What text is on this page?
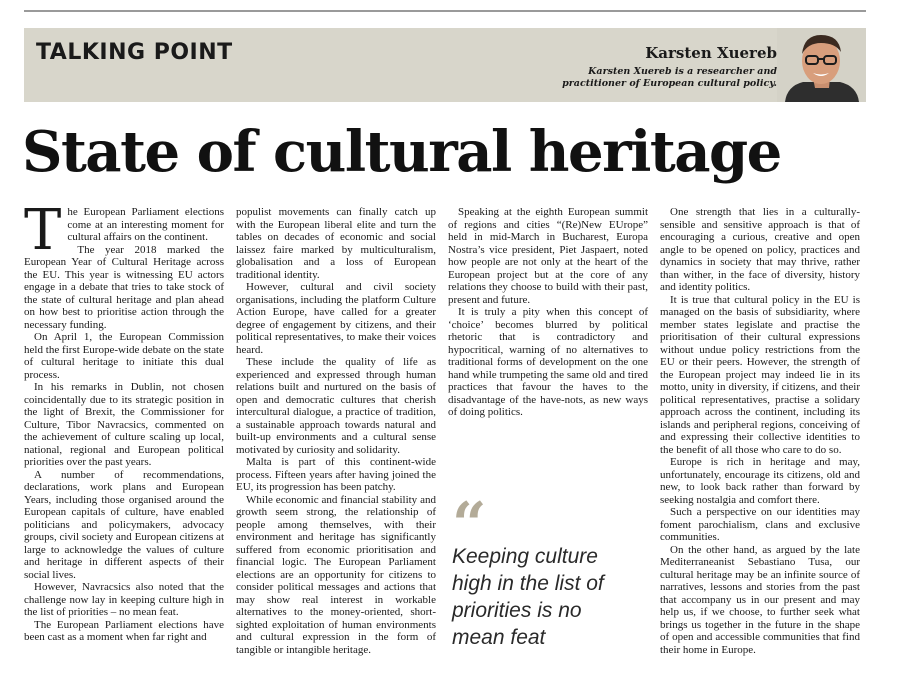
TALKING POINT	Karsten Xuereb
Karsten Xuereb is a researcher and practitioner of European cultural policy.
State of cultural heritage

The European Parliament elections come at an interesting moment for cultural affairs on the continent.

The year 2018 marked the European Year of Cultural Heritage across the EU. This year is witnessing EU actors engage in a debate that tries to take stock of the state of cultural heritage and plan ahead on how best to prioritise action through the necessary funding.

On April 1, the European Commission held the first Europe-wide debate on the state of cultural heritage to initiate this dual process.

In his remarks in Dublin, not chosen coincidentally due to its strategic position in the light of Brexit, the Commissioner for Culture, Tibor Navracsics, commented on the achievement of culture scaling up local, national, regional and European political priorities over the past years.

A number of recommendations, declarations, work plans and European Years, including those organised around the European capitals of culture, have enabled politicians and policymakers, advocacy groups, civil society and European citizens at large to acknowledge the values of culture and heritage in different aspects of their social lives.

However, Navracsics also noted that the challenge now lay in keeping culture high in the list of priorities – no mean feat.

The European Parliament elections have been cast as a moment when far right and

populist movements can finally catch up with the European liberal elite and turn the tables on decades of economic and social laissez faire marked by multiculturalism, globalisation and a loss of European traditional identity.

However, cultural and civil society organisations, including the platform Culture Action Europe, have called for a greater degree of engagement by citizens, and their political representatives, to make their voices heard.

These include the quality of life as experienced and expressed through human relations built and nurtured on the basis of open and democratic cultures that cherish intercultural dialogue, a practice of tradition, a sustainable approach towards natural and built-up environments and a cultural sense motivated by curiosity and solidarity.

Malta is part of this continent-wide process. Fifteen years after having joined the EU, its progression has been patchy.

While economic and financial stability and growth seem strong, the relationship of people among themselves, with their environment and heritage has significantly suffered from economic prioritisation and financial logic. The European Parliament elections are an opportunity for citizens to consider political messages and actions that may show real interest in workable alternatives to the money-oriented, short-sighted exploitation of human environments and cultural expression in the form of tangible or intangible heritage.

Speaking at the eighth European summit of regions and cities “(Re)New EUrope” held in mid-March in Bucharest, Europa Nostra’s vice president, Piet Jaspaert, noted how people are not only at the heart of the European project but at the core of any relations they choose to build with their past, present and future.

It is truly a pity when this concept of ‘choice’ becomes blurred by political rhetoric that is contradictory and hypocritical, warning of no alternatives to traditional forms of development on the one hand while trumpeting the same old and tired practices that favour the haves to the disadvantage of the have-nots, as new ways of doing politics.

“
Keeping culture high in the list of priorities is no mean feat

One strength that lies in a culturally-sensible and sensitive approach is that of encouraging a curious, creative and open angle to be opened on policy, practices and dynamics in society that may thrive, rather than wither, in the face of diversity, history and identity politics.

It is true that cultural policy in the EU is managed on the basis of subsidiarity, where member states legislate and practise the prioritisation of their cultural expressions without undue policy restrictions from the EU or their peers. However, the strength of the European project may indeed lie in its motto, unity in diversity, if citizens, and their political representatives, practise a solidary approach across the continent, including its islands and peripheral regions, conceiving of and expressing their collective identities to the benefit of all those who care to do so.

Europe is rich in heritage and may, unfortunately, encourage its citizens, old and new, to look back rather than forward by seeking nostalgia and comfort there.

Such a perspective on our identities may foment parochialism, clans and exclusive communities.

On the other hand, as argued by the late Mediterraneanist Sebastiano Tusa, our cultural heritage may be an infinite source of narratives, lessons and stories from the past that accompany us in our present and may help us, if we choose, to further seek what brings us together in the future in the shape of open and accessible communities that find their home in Europe.
